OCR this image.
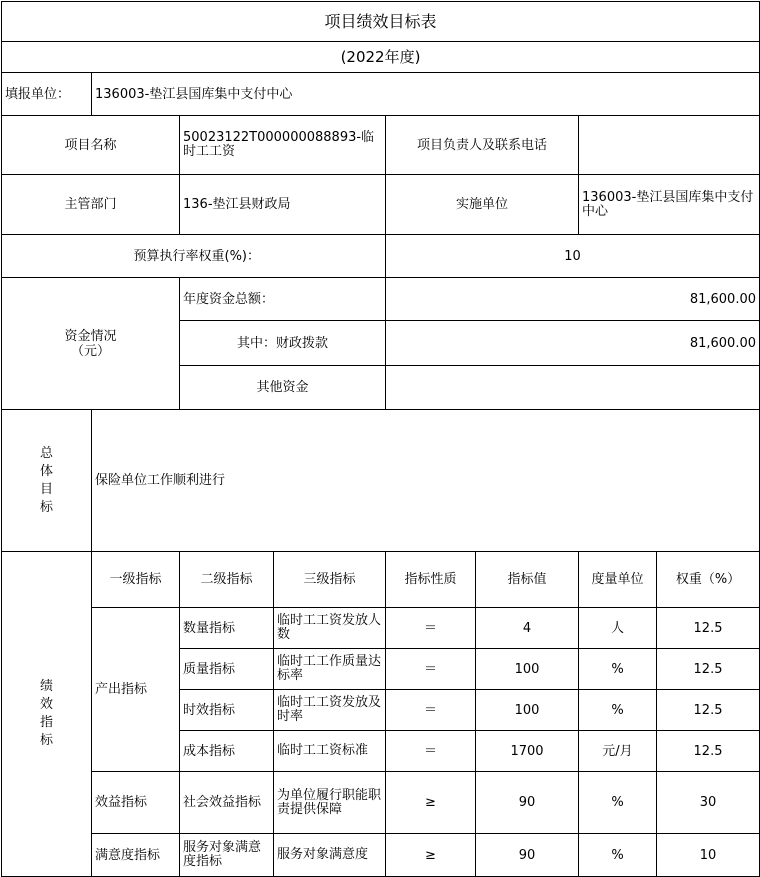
项目绩效目标表							
(2022年度)							
填报单位：	136003-垫江县国库集中支付中心						
项目名称		50023122T000000088893-临时工工资		项目负责人及联系电话			
主管部门		136-垫江县财政局		实施单位		136003-垫江县国库集中支付中心	
预算执行率权重(%)：				10			

资金情况
（元）		年度资金总额：		81,600.00			
		其中：财政拨款		81,600.00			
		其他资金					

总
体
目
标	保险单位工作顺利进行						

绩
效
指
标	一级指标	二级指标	三级指标	指标性质	指标值	度量单位	权重（%）
	产出指标	数量指标	临时工工资发放人数	＝	4	人	12.5
		质量指标	临时工工作质量达标率	＝	100	%	12.5
		时效指标	临时工工资发放及时率	＝	100	%	12.5
		成本指标	临时工工资标准	＝	1700	元/月	12.5
	效益指标	社会效益指标	为单位履行职能职责提供保障	≥	90	%	30
	满意度指标	服务对象满意度指标	服务对象满意度	≥	90	%	10
